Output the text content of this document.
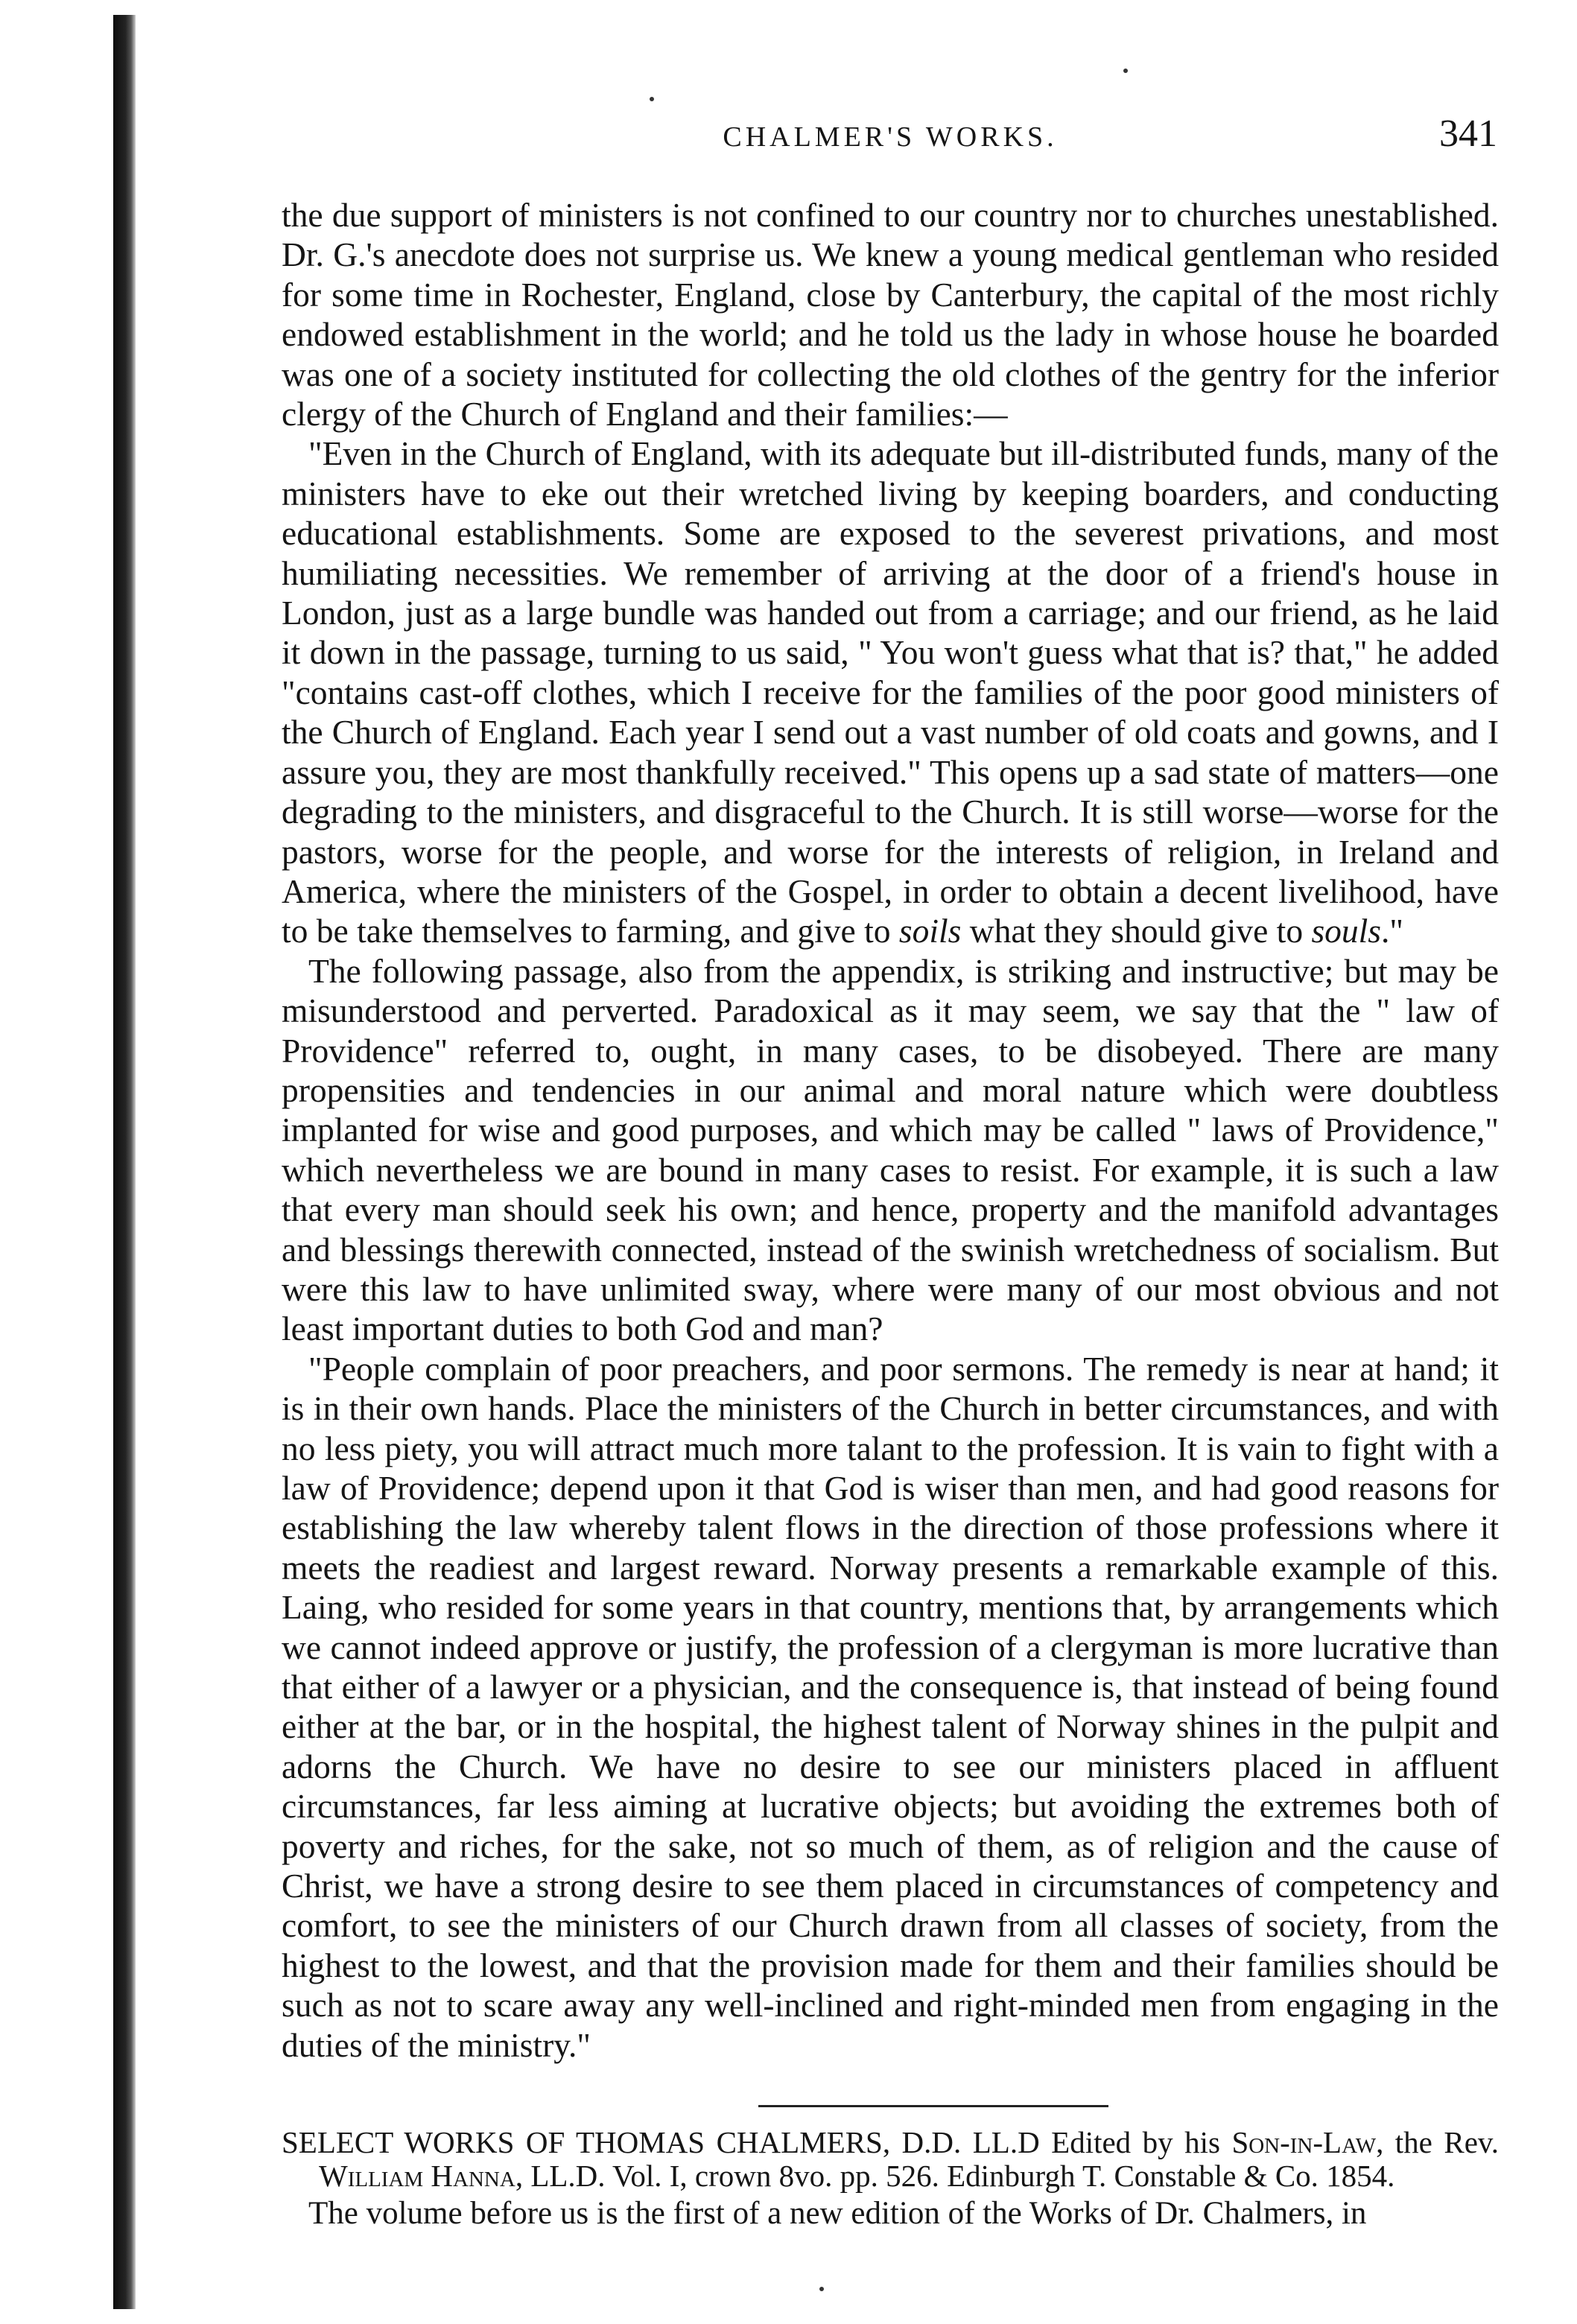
CHALMER'S WORKS.	341

the due support of ministers is not confined to our country nor to churches unestablished. Dr. G.'s anecdote does not surprise us. We knew a young medical gentleman who resided for some time in Rochester, England, close by Canterbury, the capital of the most richly endowed establishment in the world; and he told us the lady in whose house he boarded was one of a society instituted for collecting the old clothes of the gentry for the inferior clergy of the Church of England and their families:—

"Even in the Church of England, with its adequate but ill-distributed funds, many of the ministers have to eke out their wretched living by keeping boarders, and conducting educational establishments. Some are exposed to the severest privations, and most humiliating necessities. We remember of arriving at the door of a friend's house in London, just as a large bundle was handed out from a carriage; and our friend, as he laid it down in the passage, turning to us said, " You won't guess what that is? that," he added "contains cast-off clothes, which I receive for the families of the poor good ministers of the Church of England. Each year I send out a vast number of old coats and gowns, and I assure you, they are most thankfully received." This opens up a sad state of matters—one degrading to the ministers, and disgraceful to the Church. It is still worse—worse for the pastors, worse for the people, and worse for the interests of religion, in Ireland and America, where the ministers of the Gospel, in order to obtain a decent livelihood, have to be take themselves to farming, and give to soils what they should give to souls."

The following passage, also from the appendix, is striking and instructive; but may be misunderstood and perverted. Paradoxical as it may seem, we say that the " law of Providence" referred to, ought, in many cases, to be disobeyed. There are many propensities and tendencies in our animal and moral nature which were doubtless implanted for wise and good purposes, and which may be called " laws of Providence," which nevertheless we are bound in many cases to resist. For example, it is such a law that every man should seek his own; and hence, property and the manifold advantages and blessings therewith connected, instead of the swinish wretchedness of socialism. But were this law to have unlimited sway, where were many of our most obvious and not least important duties to both God and man?

"People complain of poor preachers, and poor sermons. The remedy is near at hand; it is in their own hands. Place the ministers of the Church in better circumstances, and with no less piety, you will attract much more talant to the profession. It is vain to fight with a law of Providence; depend upon it that God is wiser than men, and had good reasons for establishing the law whereby talent flows in the direction of those professions where it meets the readiest and largest reward. Norway presents a remarkable example of this. Laing, who resided for some years in that country, mentions that, by arrangements which we cannot indeed approve or justify, the profession of a clergyman is more lucrative than that either of a lawyer or a physician, and the consequence is, that instead of being found either at the bar, or in the hospital, the highest talent of Norway shines in the pulpit and adorns the Church. We have no desire to see our ministers placed in affluent circumstances, far less aiming at lucrative objects; but avoiding the extremes both of poverty and riches, for the sake, not so much of them, as of religion and the cause of Christ, we have a strong desire to see them placed in circumstances of competency and comfort, to see the ministers of our Church drawn from all classes of society, from the highest to the lowest, and that the provision made for them and their families should be such as not to scare away any well-inclined and right-minded men from engaging in the duties of the ministry."

SELECT WORKS OF THOMAS CHALMERS, D.D. LL.D Edited by his Son-in-Law, the Rev. William Hanna, LL.D. Vol. I, crown 8vo. pp. 526. Edinburgh T. Constable & Co. 1854.

The volume before us is the first of a new edition of the Works of Dr. Chalmers, in
